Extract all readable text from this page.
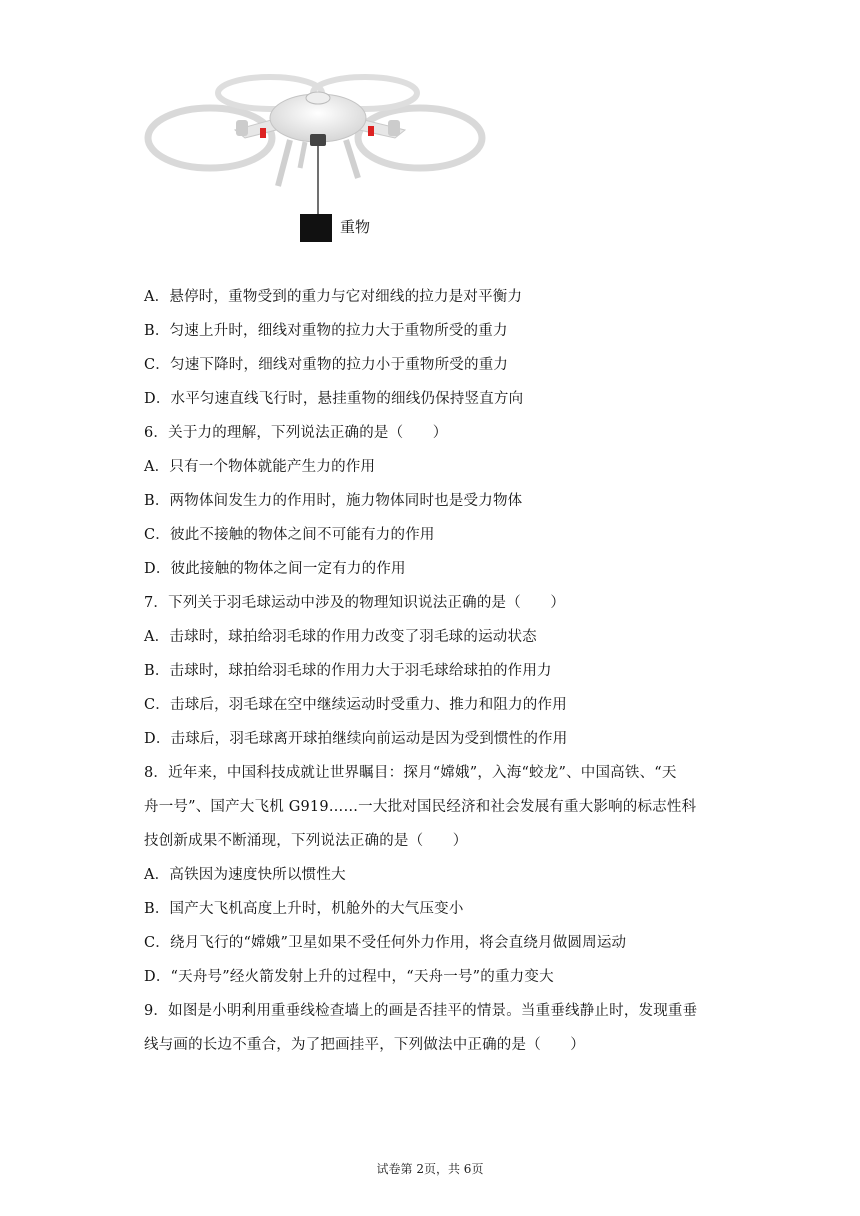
重物
A．悬停时，重物受到的重力与它对细线的拉力是对平衡力
B．匀速上升时，细线对重物的拉力大于重物所受的重力
C．匀速下降时，细线对重物的拉力小于重物所受的重力
D．水平匀速直线飞行时，悬挂重物的细线仍保持竖直方向
6．关于力的理解，下列说法正确的是（　　）
A．只有一个物体就能产生力的作用
B．两物体间发生力的作用时，施力物体同时也是受力物体
C．彼此不接触的物体之间不可能有力的作用
D．彼此接触的物体之间一定有力的作用
7．下列关于羽毛球运动中涉及的物理知识说法正确的是（　　）
A．击球时，球拍给羽毛球的作用力改变了羽毛球的运动状态
B．击球时，球拍给羽毛球的作用力大于羽毛球给球拍的作用力
C．击球后，羽毛球在空中继续运动时受重力、推力和阻力的作用
D．击球后，羽毛球离开球拍继续向前运动是因为受到惯性的作用
8．近年来，中国科技成就让世界瞩目：探月“嫦娥”，入海“蛟龙”、中国高铁、“天
舟一号”、国产大飞机 G919……一大批对国民经济和社会发展有重大影响的标志性科
技创新成果不断涌现，下列说法正确的是（　　）
A．高铁因为速度快所以惯性大
B．国产大飞机高度上升时，机舱外的大气压变小
C．绕月飞行的“嫦娥”卫星如果不受任何外力作用，将会直绕月做圆周运动
D．“天舟号”经火箭发射上升的过程中，“天舟一号”的重力变大
9．如图是小明利用重垂线检查墙上的画是否挂平的情景。当重垂线静止时，发现重垂
线与画的长边不重合，为了把画挂平，下列做法中正确的是（　　）
试卷第 2页，共 6页
